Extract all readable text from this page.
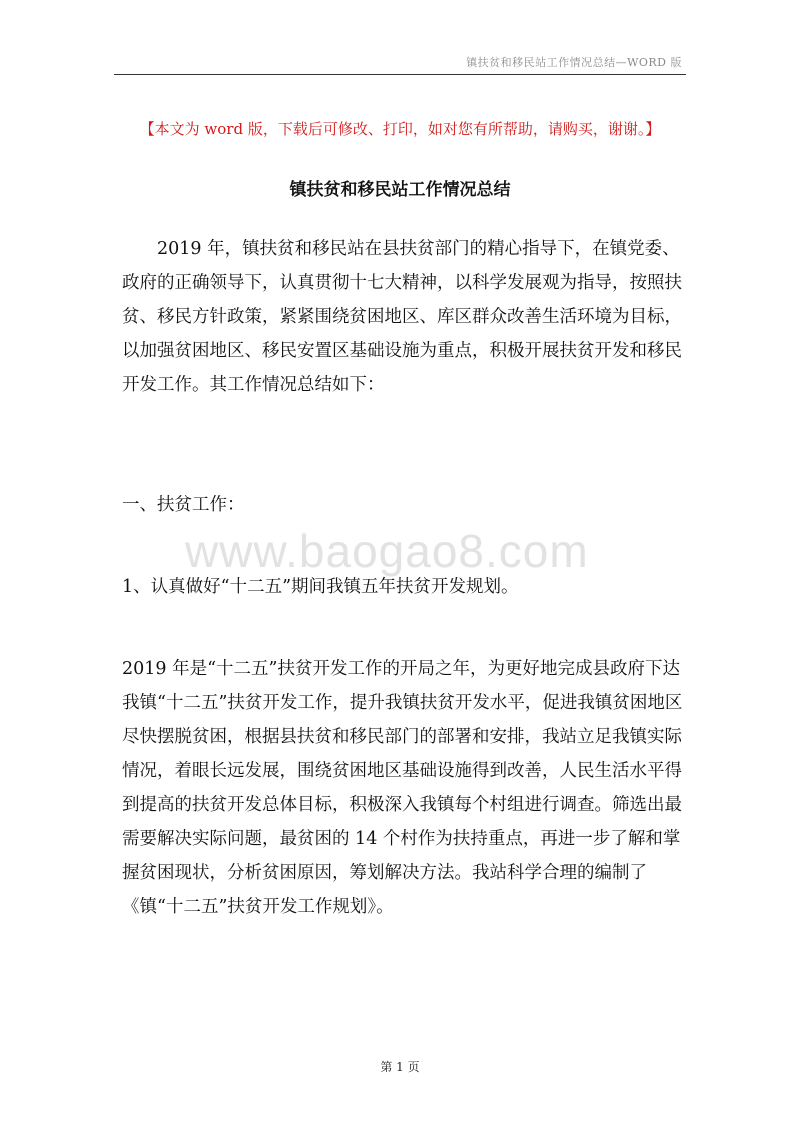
镇扶贫和移民站工作情况总结—WORD 版
【本文为 word 版，下载后可修改、打印，如对您有所帮助，请购买，谢谢。】
镇扶贫和移民站工作情况总结

2019 年，镇扶贫和移民站在县扶贫部门的精心指导下，在镇党委、政府的正确领导下，认真贯彻十七大精神，以科学发展观为指导，按照扶贫、移民方针政策，紧紧围绕贫困地区、库区群众改善生活环境为目标，以加强贫困地区、移民安置区基础设施为重点，积极开展扶贫开发和移民开发工作。其工作情况总结如下：

一、扶贫工作：

www.baogao8.com

1、认真做好“十二五”期间我镇五年扶贫开发规划。

2019 年是“十二五”扶贫开发工作的开局之年，为更好地完成县政府下达我镇“十二五”扶贫开发工作，提升我镇扶贫开发水平，促进我镇贫困地区尽快摆脱贫困，根据县扶贫和移民部门的部署和安排，我站立足我镇实际情况，着眼长远发展，围绕贫困地区基础设施得到改善，人民生活水平得到提高的扶贫开发总体目标，积极深入我镇每个村组进行调查。筛选出最需要解决实际问题，最贫困的 14 个村作为扶持重点，再进一步了解和掌握贫困现状，分析贫困原因，筹划解决方法。我站科学合理的编制了《镇“十二五”扶贫开发工作规划》。

第 1 页
